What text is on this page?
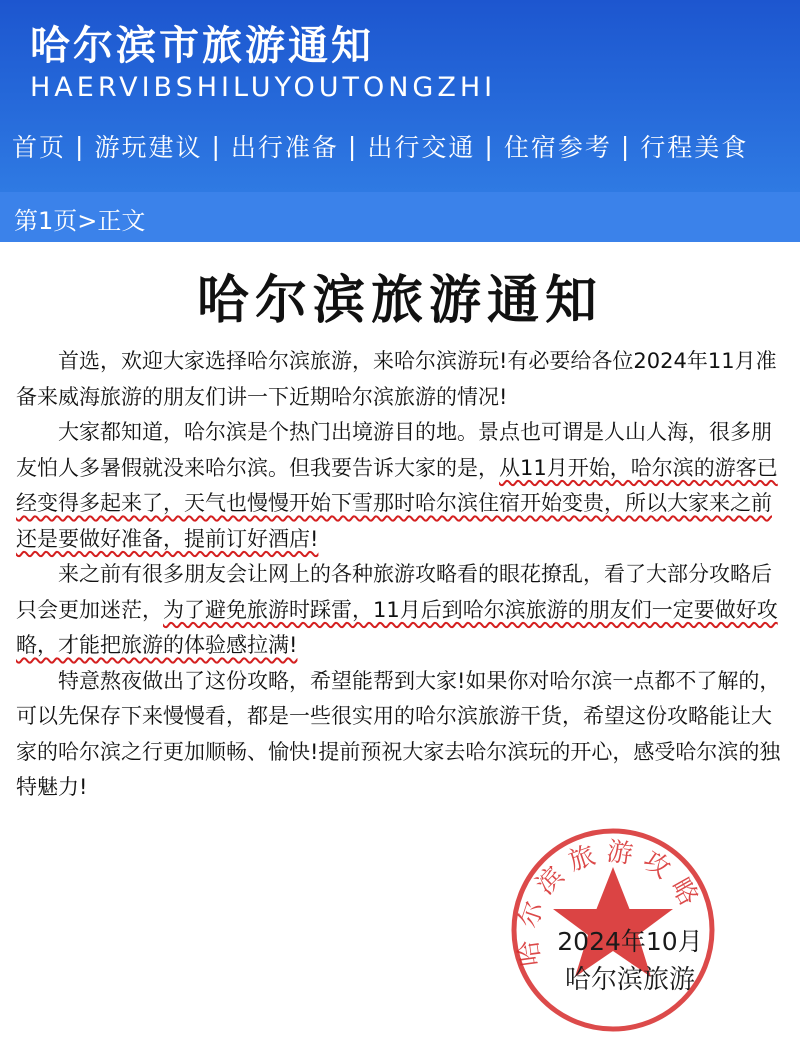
哈尔滨市旅游通知
HAERVIBSHILUYOUTONGZHI
首页 | 游玩建议 | 出行准备 | 出行交通 | 住宿参考 | 行程美食
第1页>正文
哈尔滨旅游通知

首选，欢迎大家选择哈尔滨旅游，来哈尔滨游玩!有必要给各位2024年11月准备来威海旅游的朋友们讲一下近期哈尔滨旅游的情况!

大家都知道，哈尔滨是个热门出境游目的地。景点也可谓是人山人海，很多朋友怕人多暑假就没来哈尔滨。但我要告诉大家的是，从11月开始，哈尔滨的游客已经变得多起来了，天气也慢慢开始下雪那时哈尔滨住宿开始变贵，所以大家来之前还是要做好准备，提前订好酒店!

来之前有很多朋友会让网上的各种旅游攻略看的眼花撩乱，看了大部分攻略后只会更加迷茫，为了避免旅游时踩雷，11月后到哈尔滨旅游的朋友们一定要做好攻略，才能把旅游的体验感拉满!

特意熬夜做出了这份攻略，希望能帮到大家!如果你对哈尔滨一点都不了解的，可以先保存下来慢慢看，都是一些很实用的哈尔滨旅游干货，希望这份攻略能让大家的哈尔滨之行更加顺畅、愉快!提前预祝大家去哈尔滨玩的开心，感受哈尔滨的独特魅力!

哈尔滨旅游攻略
2024年10月
哈尔滨旅游
